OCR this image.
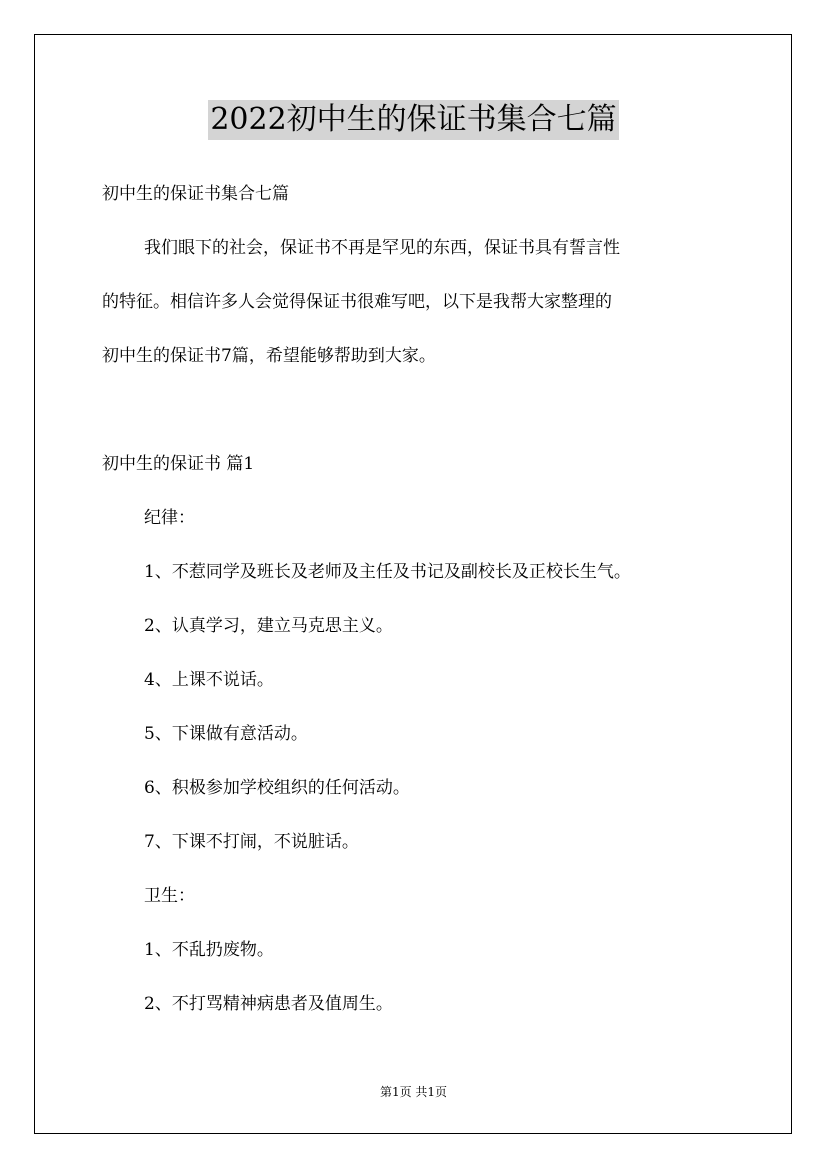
2022初中生的保证书集合七篇
初中生的保证书集合七篇
我们眼下的社会，保证书不再是罕见的东西，保证书具有誓言性
的特征。相信许多人会觉得保证书很难写吧，以下是我帮大家整理的
初中生的保证书7篇，希望能够帮助到大家。
初中生的保证书 篇1
纪律：
1、不惹同学及班长及老师及主任及书记及副校长及正校长生气。
2、认真学习，建立马克思主义。
4、上课不说话。
5、下课做有意活动。
6、积极参加学校组织的任何活动。
7、下课不打闹，不说脏话。
卫生：
1、不乱扔废物。
2、不打骂精神病患者及值周生。
第1页 共1页
